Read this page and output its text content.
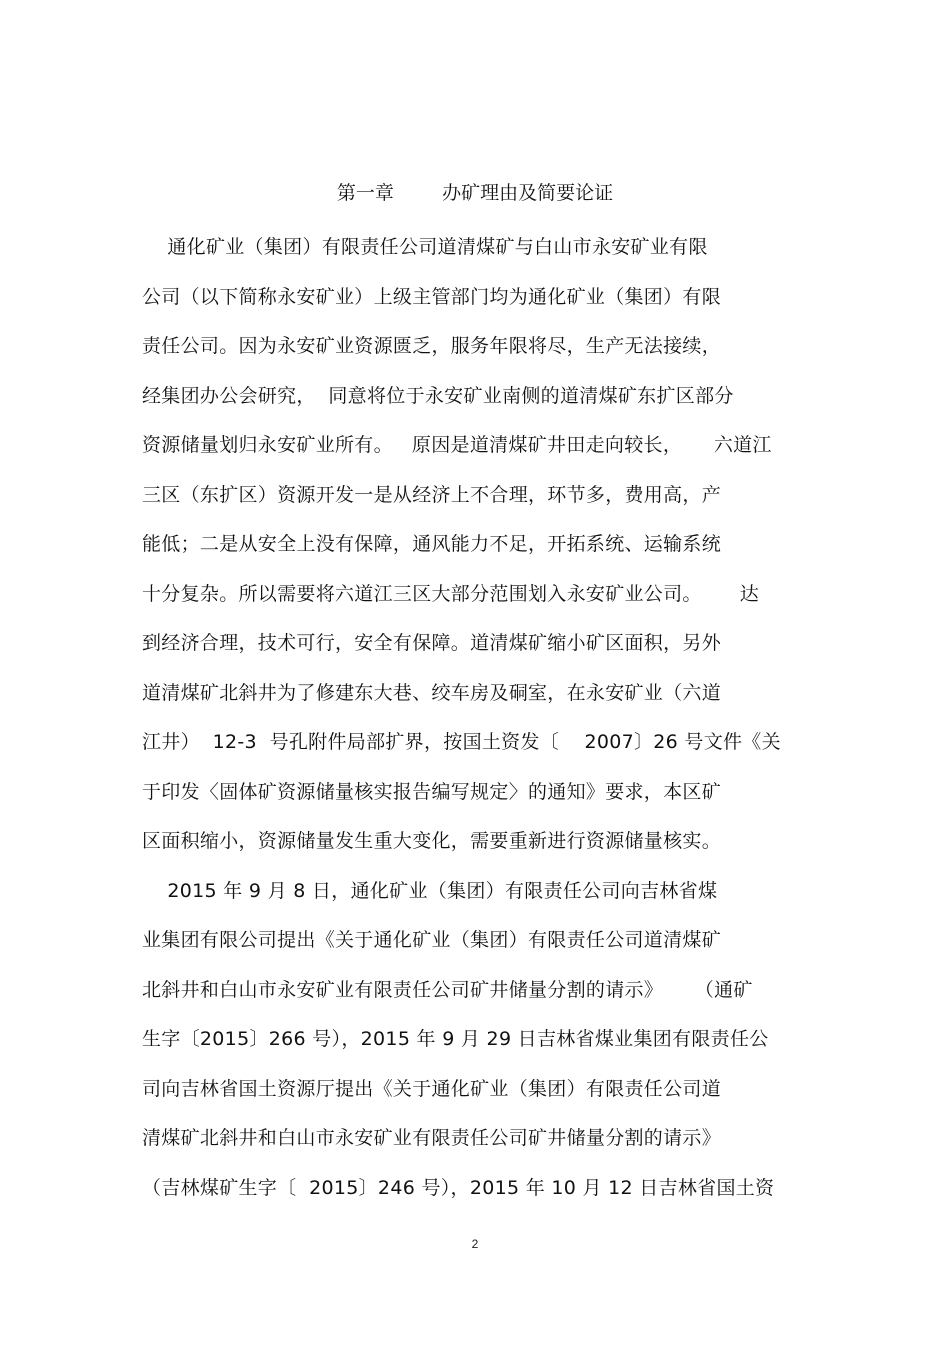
第一章        办矿理由及简要论证
通化矿业（集团）有限责任公司道清煤矿与白山市永安矿业有限
公司（以下简称永安矿业）上级主管部门均为通化矿业（集团）有限
责任公司。因为永安矿业资源匮乏，服务年限将尽，生产无法接续，
经集团办公会研究，  同意将位于永安矿业南侧的道清煤矿东扩区部分
资源储量划归永安矿业所有。   原因是道清煤矿井田走向较长，     六道江
三区（东扩区）资源开发一是从经济上不合理，环节多，费用高，产
能低；二是从安全上没有保障，通风能力不足，开拓系统、运输系统
十分复杂。所以需要将六道江三区大部分范围划入永安矿业公司。      达
到经济合理，技术可行，安全有保障。道清煤矿缩小矿区面积，另外
道清煤矿北斜井为了修建东大巷、绞车房及硐室，在永安矿业（六道
江井）  12-3  号孔附件局部扩界，按国土资发〔    2007〕26 号文件《关
于印发〈固体矿资源储量核实报告编写规定〉的通知》要求，本区矿
区面积缩小，资源储量发生重大变化，需要重新进行资源储量核实。
2015 年 9 月 8 日，通化矿业（集团）有限责任公司向吉林省煤
业集团有限公司提出《关于通化矿业（集团）有限责任公司道清煤矿
北斜井和白山市永安矿业有限责任公司矿井储量分割的请示》     （通矿
生字〔2015〕266 号），2015 年 9 月 29 日吉林省煤业集团有限责任公
司向吉林省国土资源厅提出《关于通化矿业（集团）有限责任公司道
清煤矿北斜井和白山市永安矿业有限责任公司矿井储量分割的请示》
（吉林煤矿生字〔  2015〕246 号），2015 年 10 月 12 日吉林省国土资
2
